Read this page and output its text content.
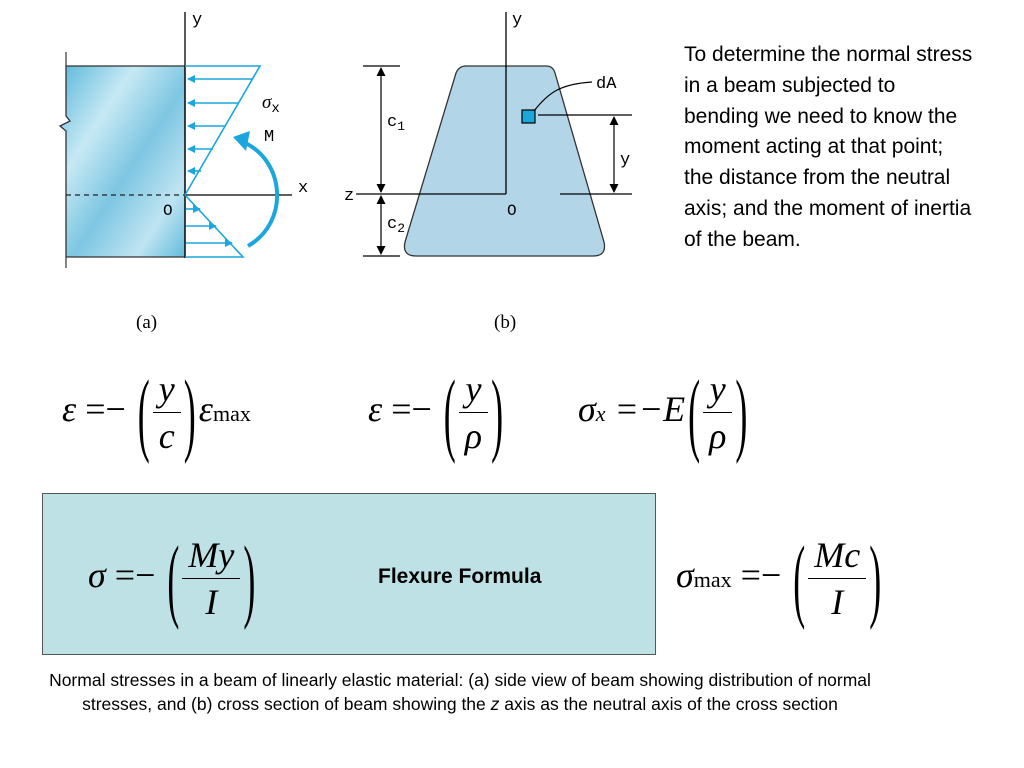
y
x
O
$\sigma_x$
M
y
z
O
dA
y
$c_1$
$c_2$
(a)	(b)
To determine the normal stress in a beam subjected to bending we need to know the moment acting at that point; the distance from the neutral axis; and the moment of inertia of the beam.
ε =− ( $\frac{y}{c} )\varepsilon\max$	ε =− ( $\frac{y}{\rho}$ ) $\sigma x =-E( \frac{y}{\rho}$ )
σ =− ( $\frac{My}{I}$ )	Flexure Formula	σmax =− ( $\frac{Mc}{I}$ )
Normal stresses in a beam of linearly elastic material: (a) side view of beam showing distribution of normal stresses, and (b) cross section of beam showing the z axis as the neutral axis of the cross section
